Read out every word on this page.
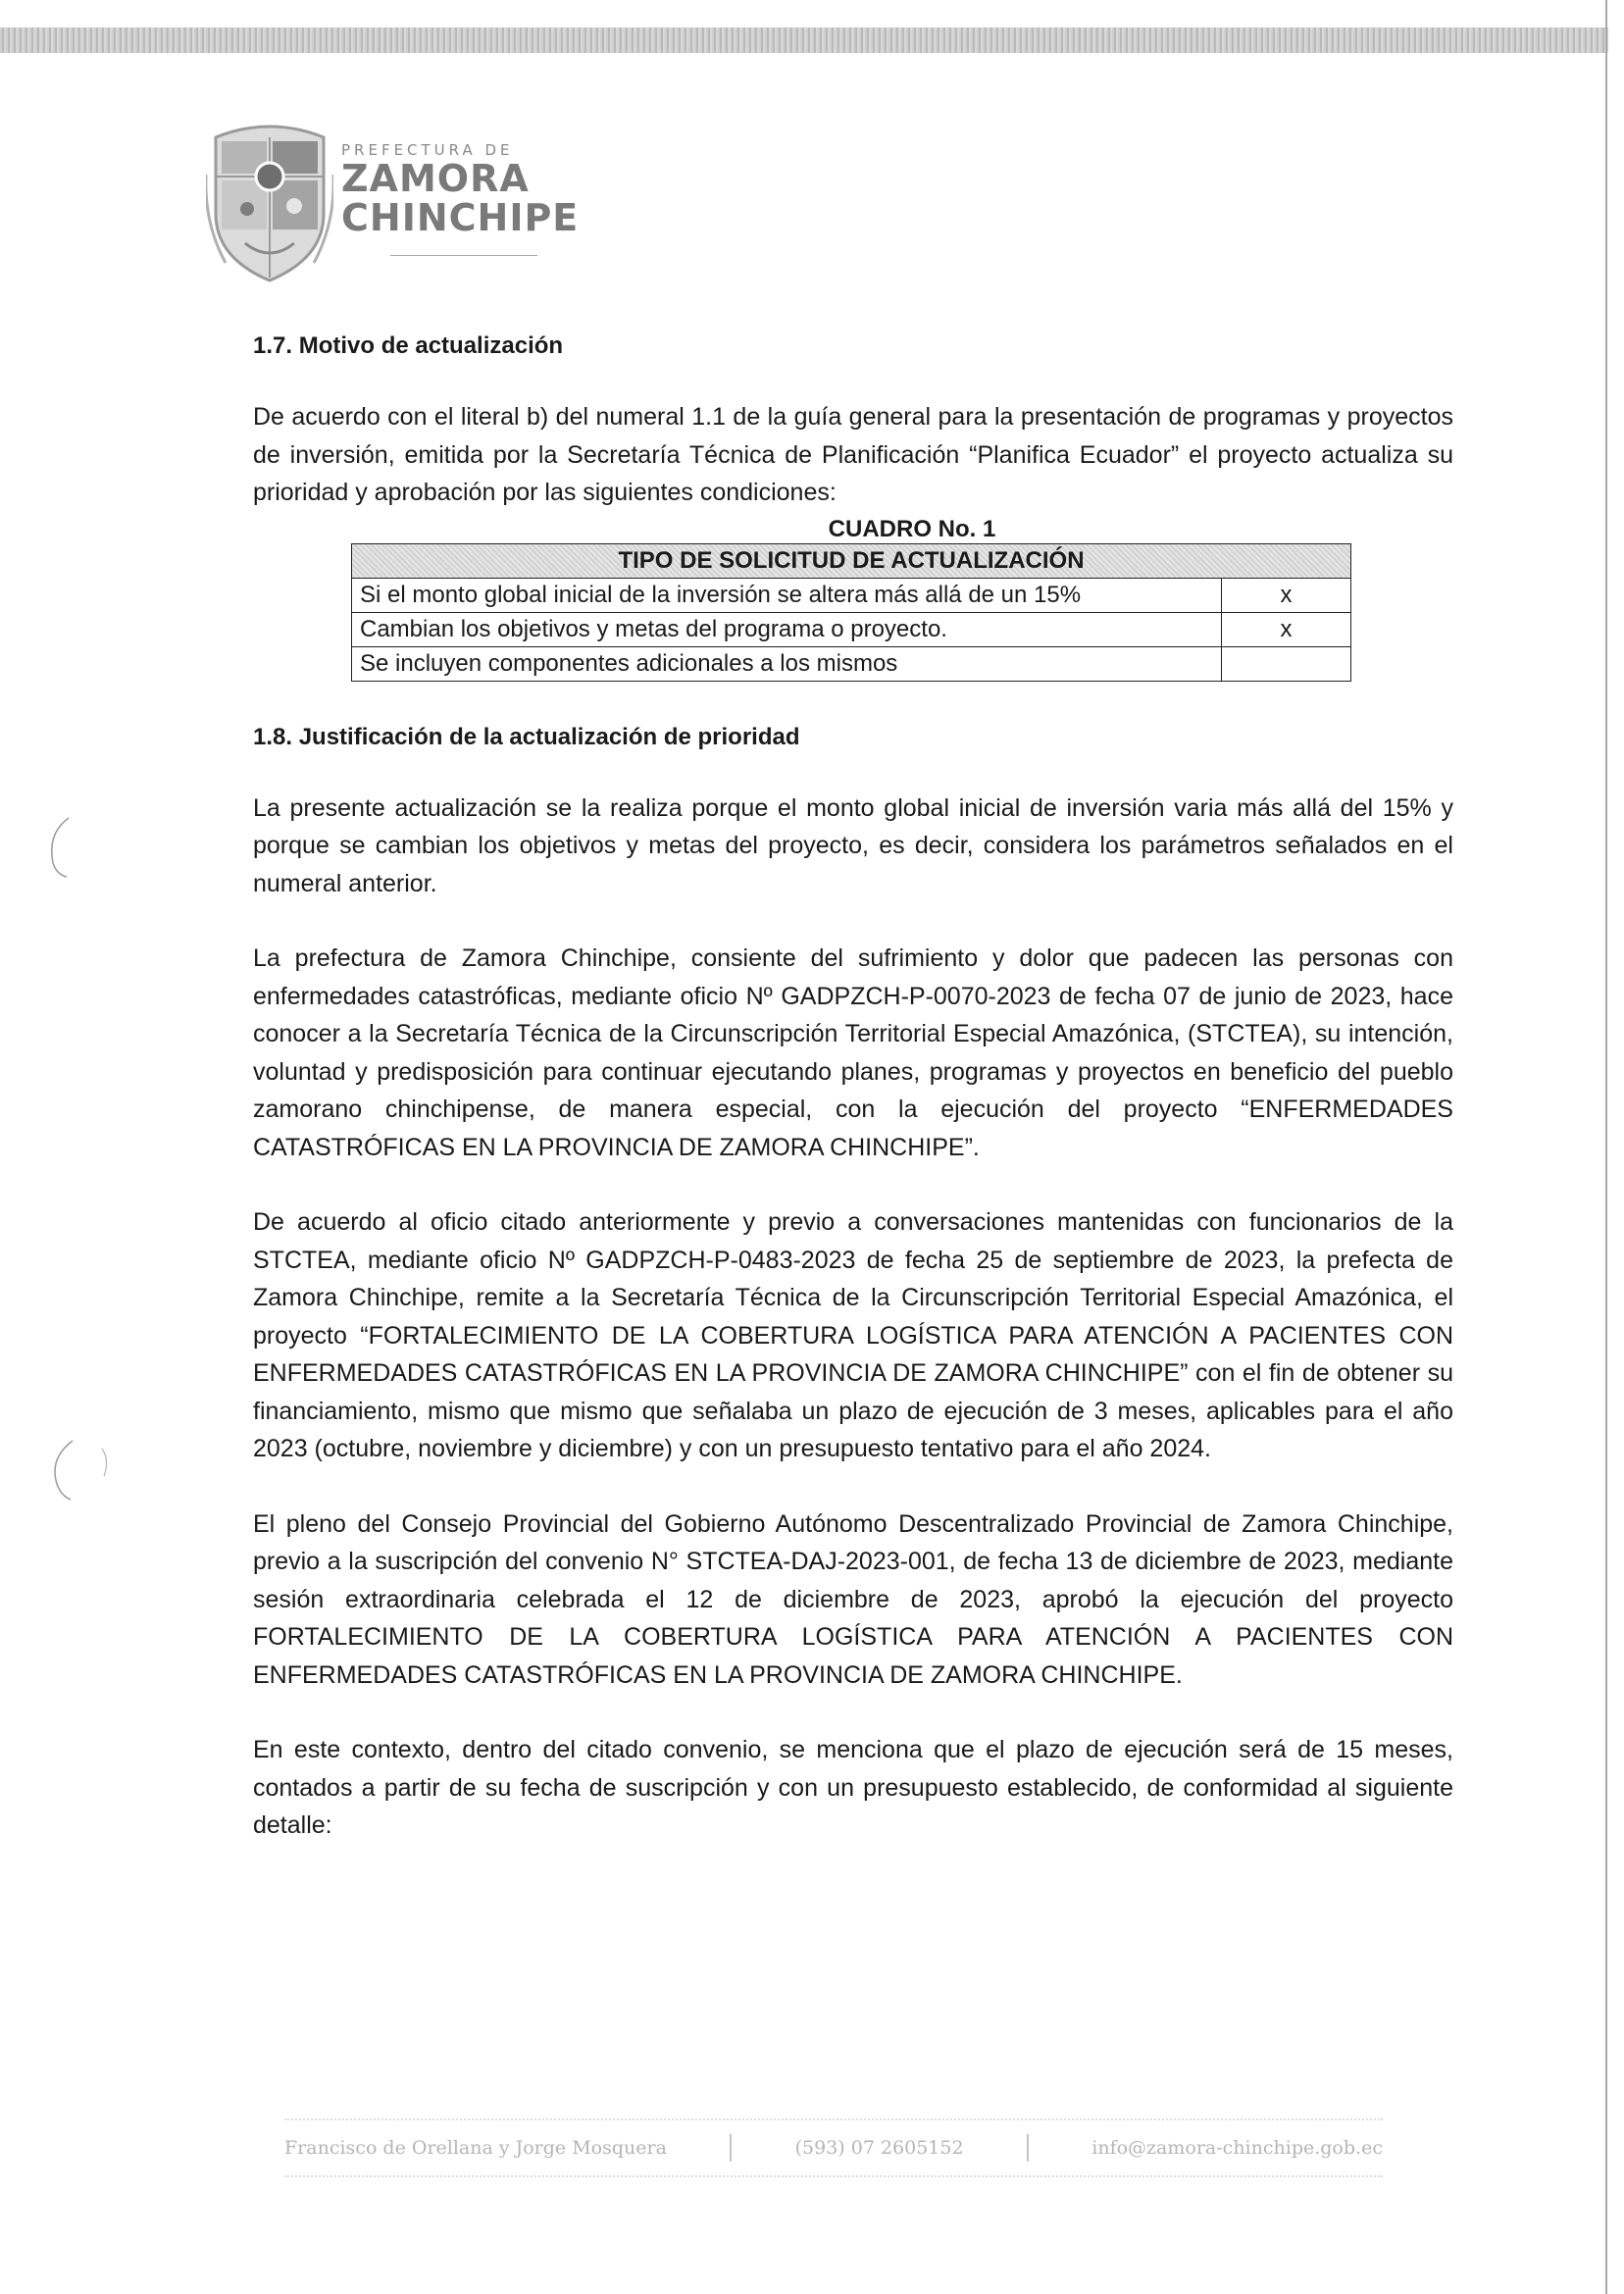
PREFECTURA DE
ZAMORA
CHINCHIPE
1.7. Motivo de actualización

De acuerdo con el literal b) del numeral 1.1 de la guía general para la presentación de programas y proyectos de inversión, emitida por la Secretaría Técnica de Planificación “Planifica Ecuador” el proyecto actualiza su prioridad y aprobación por las siguientes condiciones:

CUADRO No. 1

TIPO DE SOLICITUD DE ACTUALIZACIÓN	
Si el monto global inicial de la inversión se altera más allá de un 15%	x
Cambian los objetivos y metas del programa o proyecto.	x
Se incluyen componentes adicionales a los mismos	
1.8. Justificación de la actualización de prioridad

La presente actualización se la realiza porque el monto global inicial de inversión varia más allá del 15% y porque se cambian los objetivos y metas del proyecto, es decir, considera los parámetros señalados en el numeral anterior.

La prefectura de Zamora Chinchipe, consiente del sufrimiento y dolor que padecen las personas con enfermedades catastróficas, mediante oficio Nº GADPZCH-P-0070-2023 de fecha 07 de junio de 2023, hace conocer a la Secretaría Técnica de la Circunscripción Territorial Especial Amazónica, (STCTEA), su intención, voluntad y predisposición para continuar ejecutando planes, programas y proyectos en beneficio del pueblo zamorano chinchipense, de manera especial, con la ejecución del proyecto “ENFERMEDADES CATASTRÓFICAS EN LA PROVINCIA DE ZAMORA CHINCHIPE”.

De acuerdo al oficio citado anteriormente y previo a conversaciones mantenidas con funcionarios de la STCTEA, mediante oficio Nº GADPZCH-P-0483-2023 de fecha 25 de septiembre de 2023, la prefecta de Zamora Chinchipe, remite a la Secretaría Técnica de la Circunscripción Territorial Especial Amazónica, el proyecto “FORTALECIMIENTO DE LA COBERTURA LOGÍSTICA PARA ATENCIÓN A PACIENTES CON ENFERMEDADES CATASTRÓFICAS EN LA PROVINCIA DE ZAMORA CHINCHIPE” con el fin de obtener su financiamiento, mismo que mismo que señalaba un plazo de ejecución de 3 meses, aplicables para el año 2023 (octubre, noviembre y diciembre) y con un presupuesto tentativo para el año 2024.

El pleno del Consejo Provincial del Gobierno Autónomo Descentralizado Provincial de Zamora Chinchipe, previo a la suscripción del convenio N° STCTEA-DAJ-2023-001, de fecha 13 de diciembre de 2023, mediante sesión extraordinaria celebrada el 12 de diciembre de 2023, aprobó la ejecución del proyecto FORTALECIMIENTO DE LA COBERTURA LOGÍSTICA PARA ATENCIÓN A PACIENTES CON ENFERMEDADES CATASTRÓFICAS EN LA PROVINCIA DE ZAMORA CHINCHIPE.

En este contexto, dentro del citado convenio, se menciona que el plazo de ejecución será de 15 meses, contados a partir de su fecha de suscripción y con un presupuesto establecido, de conformidad al siguiente detalle:

Francisco de Orellana y Jorge Mosquera	(593) 07 2605152	info@zamora-chinchipe.gob.ec
